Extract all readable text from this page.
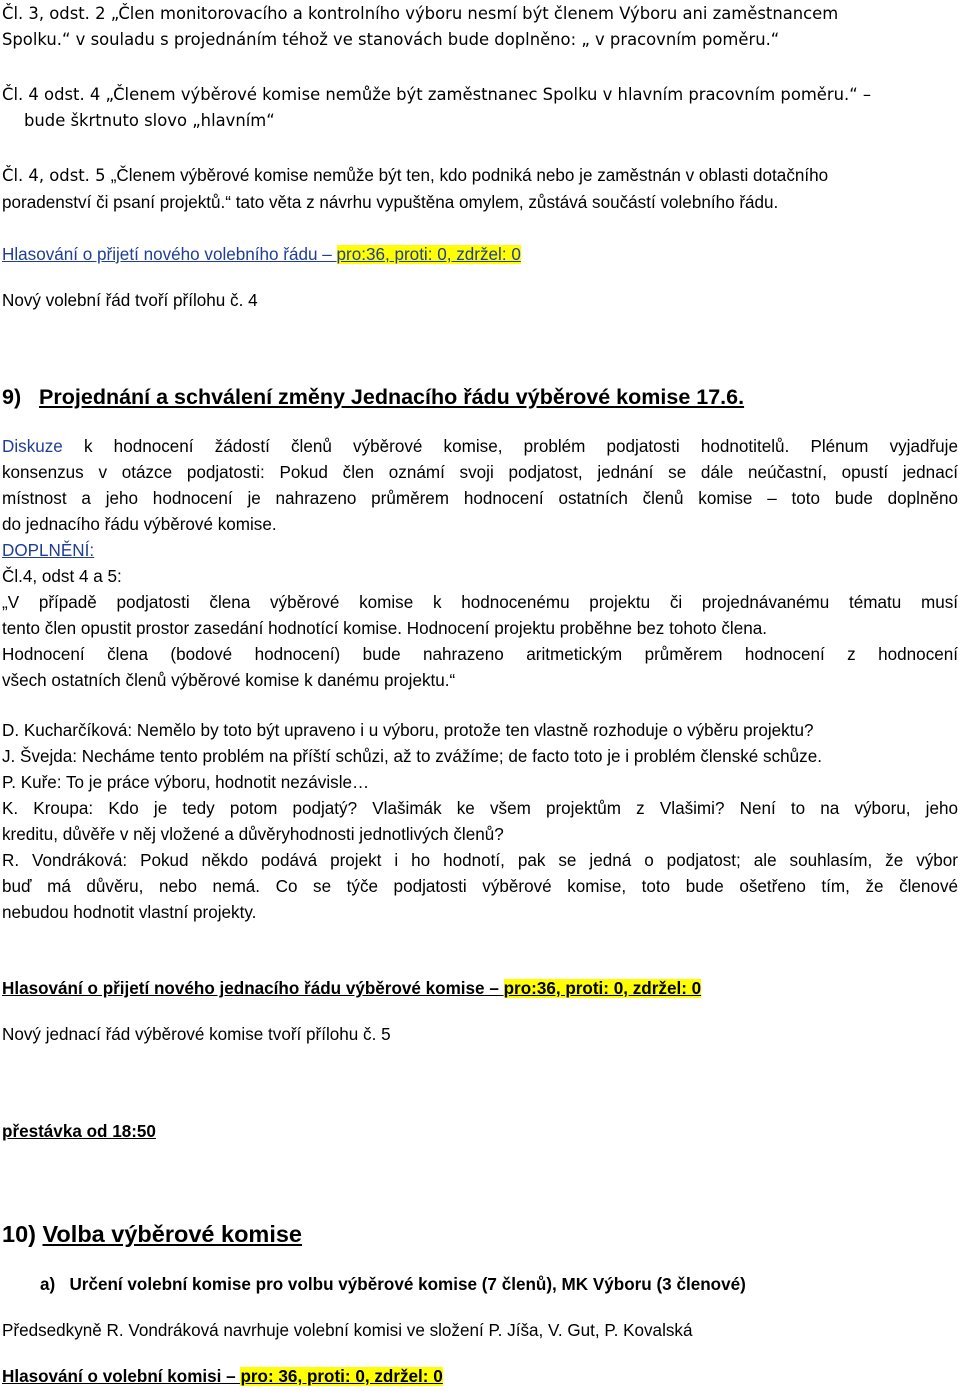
Čl. 3, odst. 2 „Člen monitorovacího a kontrolního výboru nesmí být členem Výboru ani zaměstnancem
Spolku.“ v souladu s projednáním téhož ve stanovách bude doplněno: „ v pracovním poměru.“

Čl. 4 odst. 4 „Členem výběrové komise nemůže být zaměstnanec Spolku v hlavním pracovním poměru.“ –
bude škrtnuto slovo „hlavním“

Čl. 4, odst. 5 „Členem výběrové komise nemůže být ten, kdo podniká nebo je zaměstnán v oblasti dotačního
poradenství či psaní projektů.“ tato věta z návrhu vypuštěna omylem, zůstává součástí volebního řádu.

Hlasování o přijetí nového volebního řádu – pro:36, proti: 0, zdržel: 0

Nový volební řád tvoří přílohu č. 4

9) Projednání a schválení změny Jednacího řádu výběrové komise 17.6.

Diskuze k hodnocení žádostí členů výběrové komise, problém podjatosti hodnotitelů. Plénum vyjadřuje

konsenzus v otázce podjatosti: Pokud člen oznámí svoji podjatost, jednání se dále neúčastní, opustí jednací

místnost a jeho hodnocení je nahrazeno průměrem hodnocení ostatních členů komise – toto bude doplněno

do jednacího řádu výběrové komise.

DOPLNĚNÍ:

Čl.4, odst 4 a 5:

„V případě podjatosti člena výběrové komise k hodnocenému projektu či projednávanému tématu musí

tento člen opustit prostor zasedání hodnotící komise. Hodnocení projektu proběhne bez tohoto člena.

Hodnocení člena (bodové hodnocení) bude nahrazeno aritmetickým průměrem hodnocení z hodnocení

všech ostatních členů výběrové komise k danému projektu.“

D. Kucharčíková: Nemělo by toto být upraveno i u výboru, protože ten vlastně rozhoduje o výběru projektu?

J. Švejda: Necháme tento problém na příští schůzi, až to zvážíme; de facto toto je i problém členské schůze.

P. Kuře: To je práce výboru, hodnotit nezávisle…

K. Kroupa: Kdo je tedy potom podjatý? Vlašimák ke všem projektům z Vlašimi? Není to na výboru, jeho

kreditu, důvěře v něj vložené a důvěryhodnosti jednotlivých členů?

R. Vondráková: Pokud někdo podává projekt i ho hodnotí, pak se jedná o podjatost; ale souhlasím, že výbor

buď má důvěru, nebo nemá. Co se týče podjatosti výběrové komise, toto bude ošetřeno tím, že členové

nebudou hodnotit vlastní projekty.

Hlasování o přijetí nového jednacího řádu výběrové komise – pro:36, proti: 0, zdržel: 0

Nový jednací řád výběrové komise tvoří přílohu č. 5

přestávka od 18:50

10) Volba výběrové komise

a) Určení volební komise pro volbu výběrové komise (7 členů), MK Výboru (3 členové)

Předsedkyně R. Vondráková navrhuje volební komisi ve složení P. Jíša, V. Gut, P. Kovalská

Hlasování o volební komisi – pro: 36, proti: 0, zdržel: 0
